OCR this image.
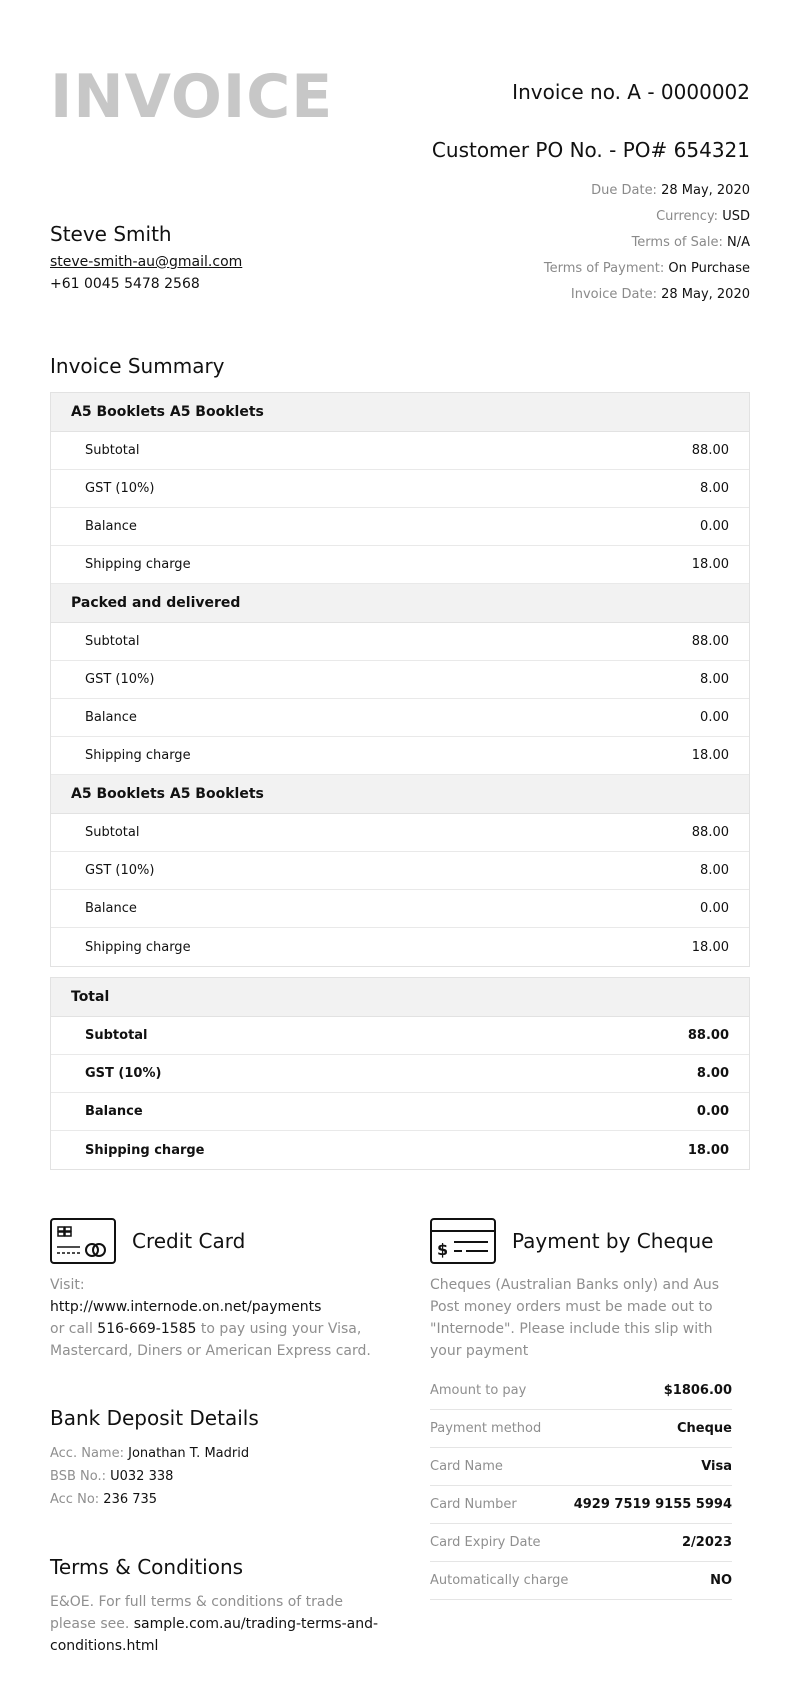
INVOICE	Invoice no. A - 0000002
Customer PO No. - PO# 654321
Due Date: 28 May, 2020
Currency: USD
Terms of Sale: N/A
Terms of Payment: On Purchase
Invoice Date: 28 May, 2020
Steve Smith
steve-smith-au@gmail.com
+61 0045 5478 2568
Invoice Summary
A5 Booklets A5 Booklets
Subtotal	88.00
GST (10%)	8.00
Balance	0.00
Shipping charge	18.00
Packed and delivered
Subtotal	88.00
GST (10%)	8.00
Balance	0.00
Shipping charge	18.00
A5 Booklets A5 Booklets
Subtotal	88.00
GST (10%)	8.00
Balance	0.00
Shipping charge	18.00
Total
Subtotal	88.00
GST (10%)	8.00
Balance	0.00
Shipping charge	18.00
Credit Card
Visit:
http://www.internode.on.net/payments
or call 516-669-1585 to pay using your Visa, Mastercard, Diners or American Express card.
Bank Deposit Details
Acc. Name: Jonathan T. Madrid
BSB No.: U032 338
Acc No: 236 735
Terms & Conditions
E&OE. For full terms & conditions of trade please see. sample.com.au/trading-terms-and-conditions.html
$	Payment by Cheque
Cheques (Australian Banks only) and Aus Post money orders must be made out to "Internode". Please include this slip with your payment
Amount to pay	$1806.00
Payment method	Cheque
Card Name	Visa
Card Number	4929 7519 9155 5994
Card Expiry Date	2/2023
Automatically charge	NO
